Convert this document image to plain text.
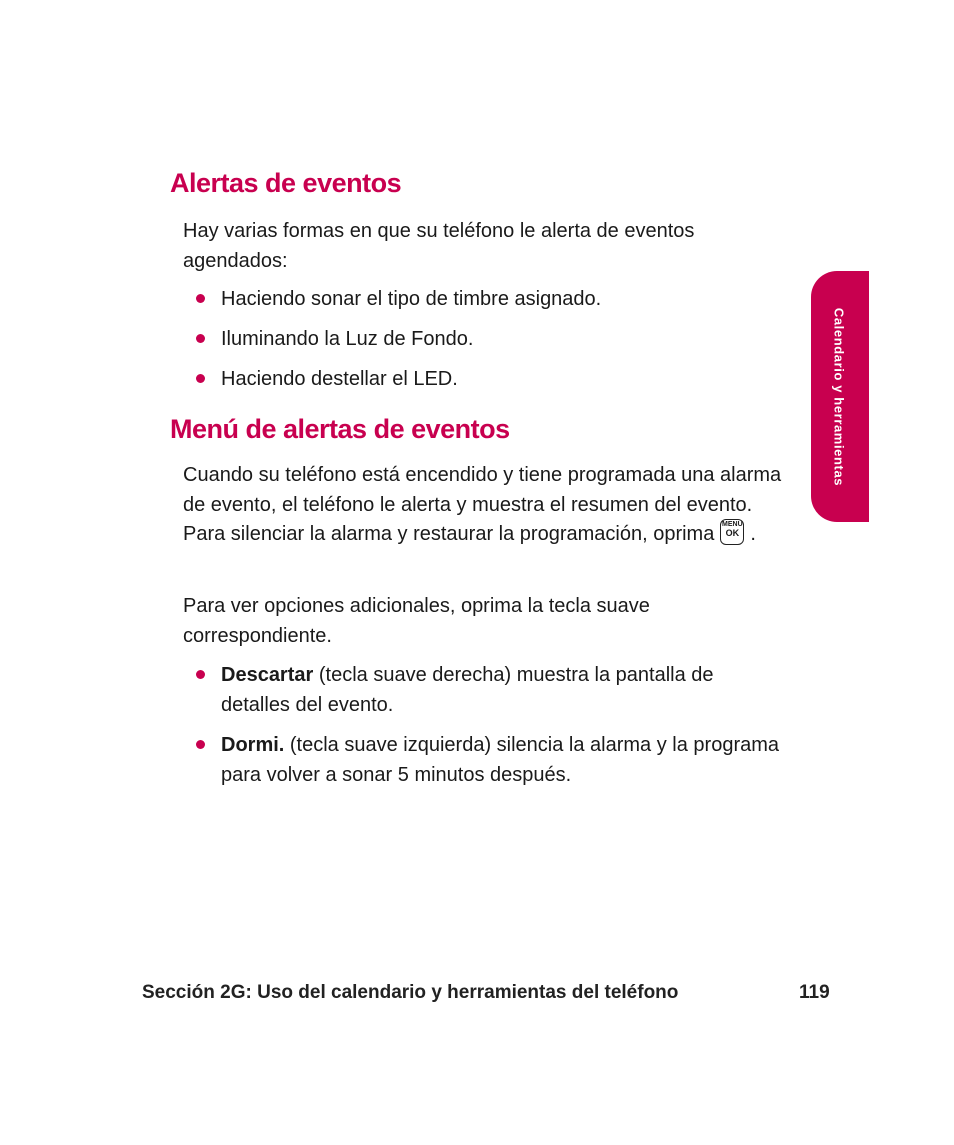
Alertas de eventos

Hay varias formas en que su teléfono le alerta de eventos agendados:

Haciendo sonar el tipo de timbre asignado.
Iluminando la Luz de Fondo.
Haciendo destellar el LED.
Menú de alertas de eventos

Cuando su teléfono está encendido y tiene programada una alarma de evento, el teléfono le alerta y muestra el resumen del evento. Para silenciar la alarma y restaurar la programación, oprima MENU
OK .

Para ver opciones adicionales, oprima la tecla suave correspondiente.

Descartar (tecla suave derecha) muestra la pantalla de detalles del evento.
Dormi. (tecla suave izquierda) silencia la alarma y la programa para volver a sonar 5 minutos después.
Calendario y herramientas

Sección 2G: Uso del calendario y herramientas del teléfono	119
